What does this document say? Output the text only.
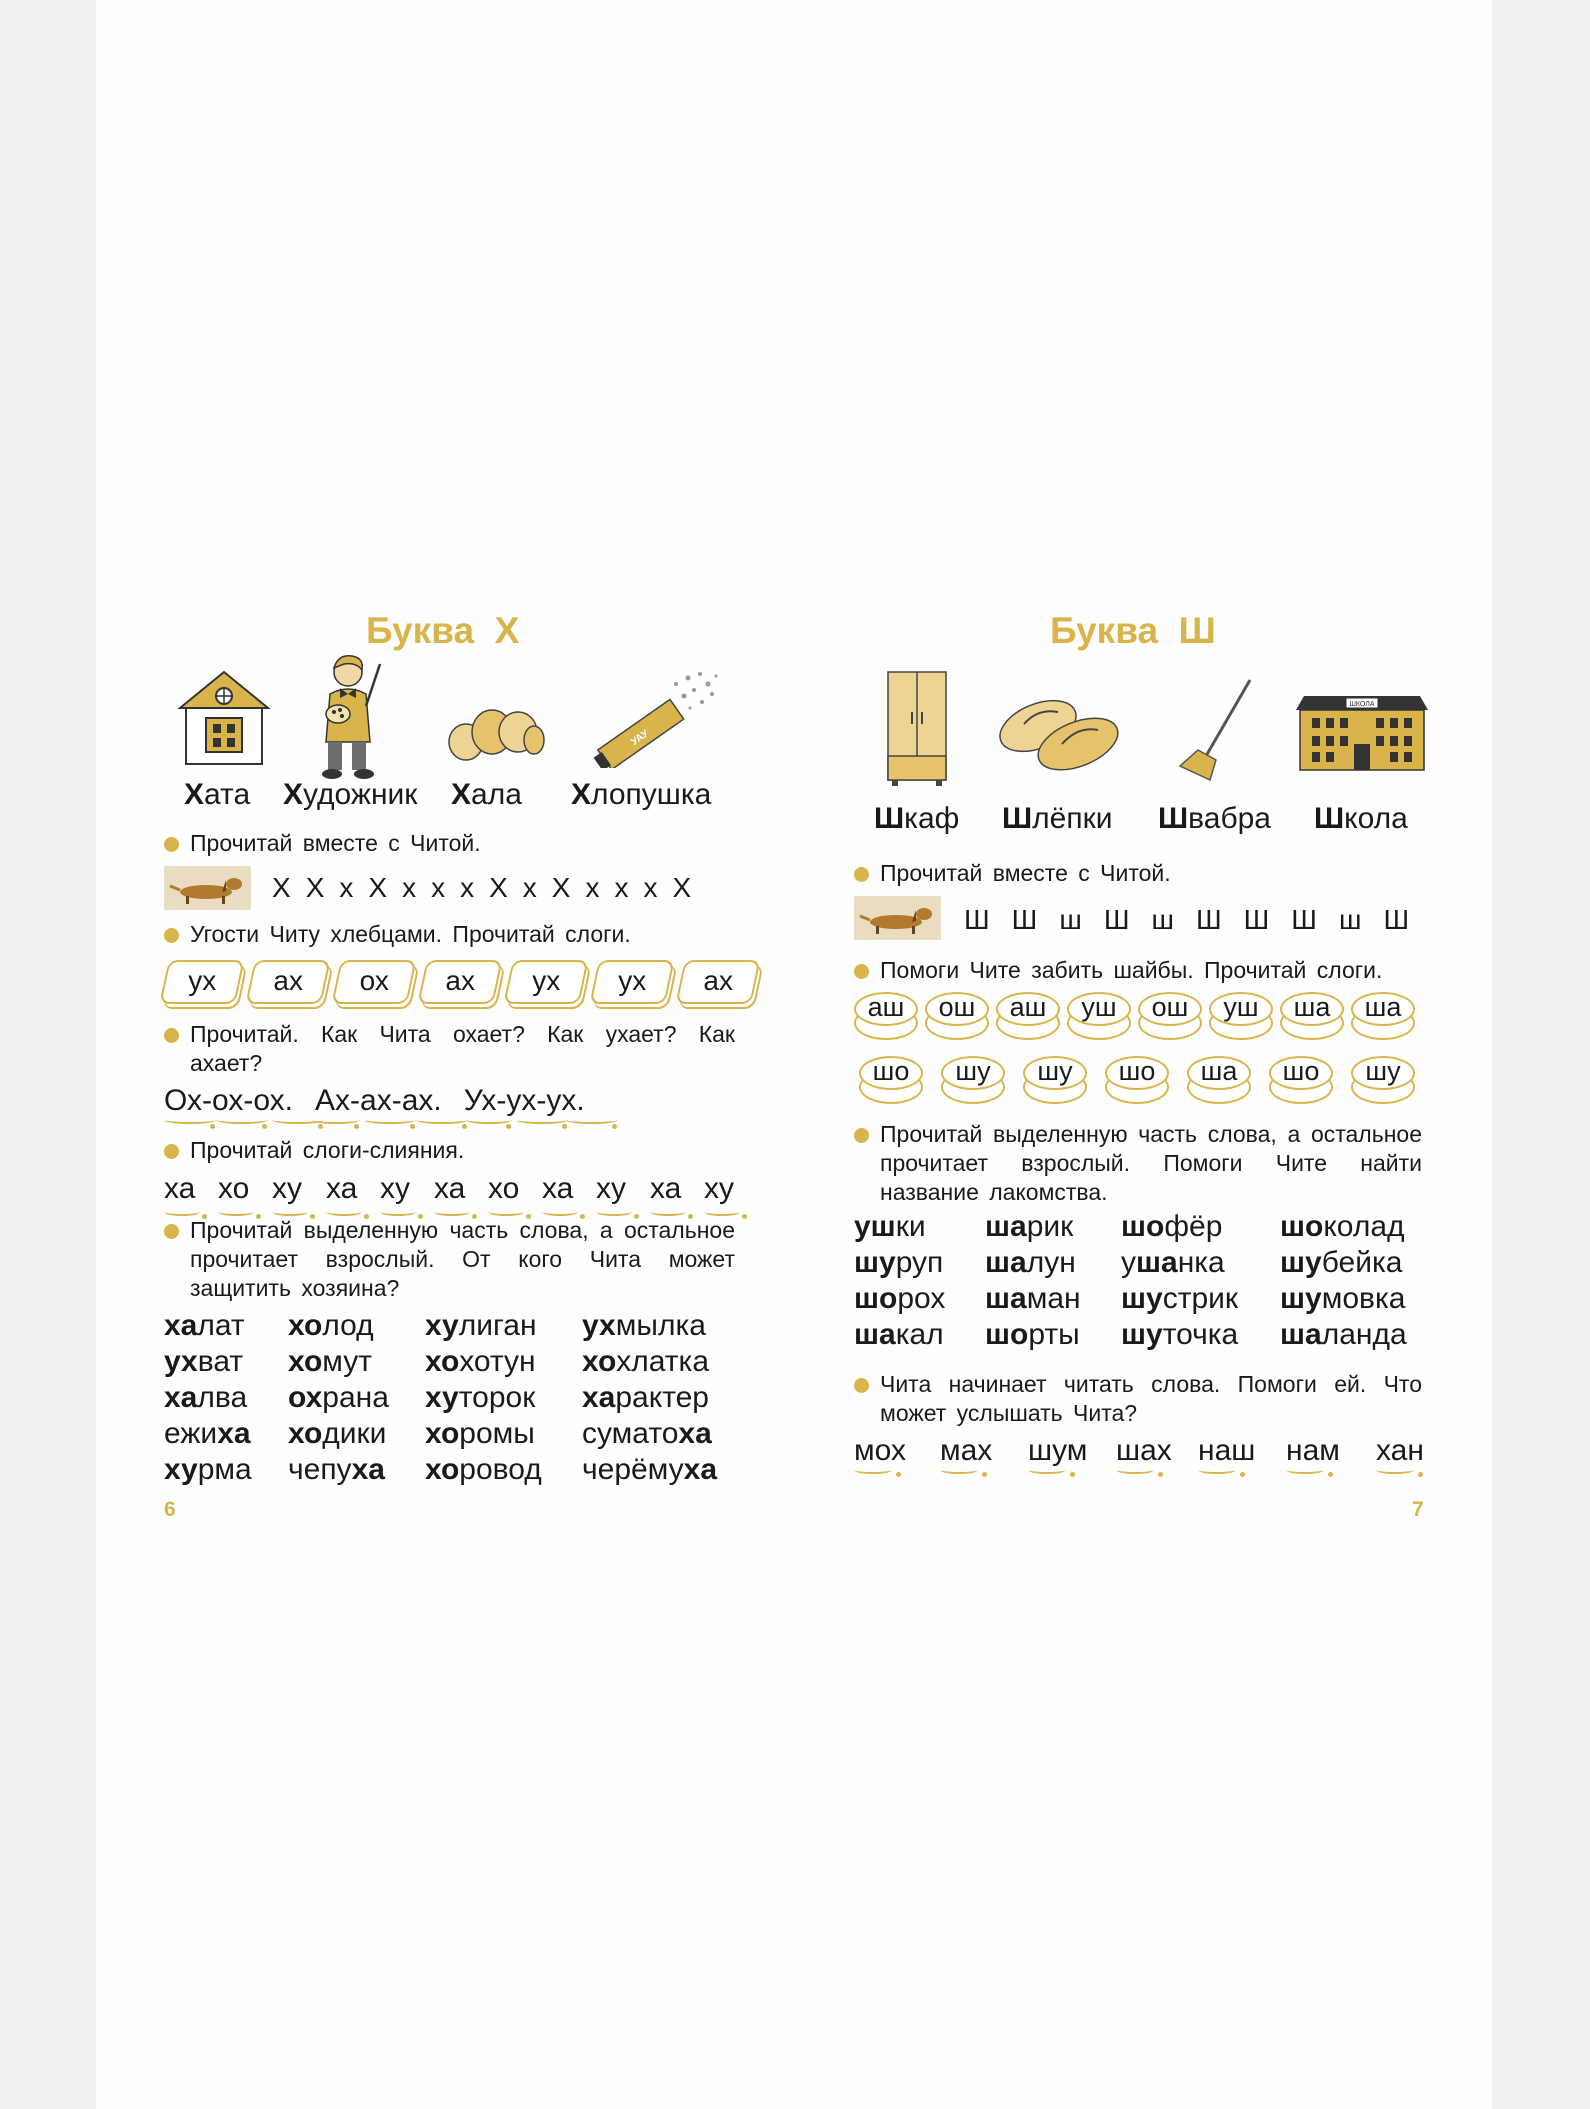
Буква  Х
УАУ
Хата Художник Хала Хлопушка
Прочитай вместе с Читой.
Х Х х Х х х х Х х Х х х х Х
Угости Читу хлебцами. Прочитай слоги.
ух	ах	ох	ах	ух	ух	ах
Прочитай. Как Чита охает? Как ухает? Как ахает?
Ох-ох-ох. Ах-ах-ах. Ух-ух-ух.
Прочитай слоги-слияния.
ха хо ху ха ху ха хо ха ху ха ху
Прочитай выделенную часть слова, а остальное прочитает взрослый. От кого Чита может защитить хозяина?
халат	холод	хулиган	ухмылка
ухват	хомут	хохотун	хохлатка
халва	охрана	хуторок	характер
ежиха	ходики	хоромы	суматоха
хурма	чепуха	хоровод	черёмуха
6
Буква  Ш
ШКОЛА
Шкаф Шлёпки Швабра Школа
Прочитай вместе с Читой.
Ш Ш ш Ш ш Ш Ш Ш ш Ш
Помоги Чите забить шайбы. Прочитай слоги.
аш	ош	аш	уш	ош	уш	ша	ша
шо	шу	шу	шо	ша	шо	шу
Прочитай выделенную часть слова, а остальное прочитает взрослый. Помоги Чите найти название лакомства.
ушки	шарик	шофёр	шоколад
шуруп	шалун	ушанка	шубейка
шорох	шаман	шустрик	шумовка
шакал	шорты	шуточка	шаланда
Чита начинает читать слова. Помоги ей. Что может услышать Чита?
мох мах шум шах наш нам хан
7
